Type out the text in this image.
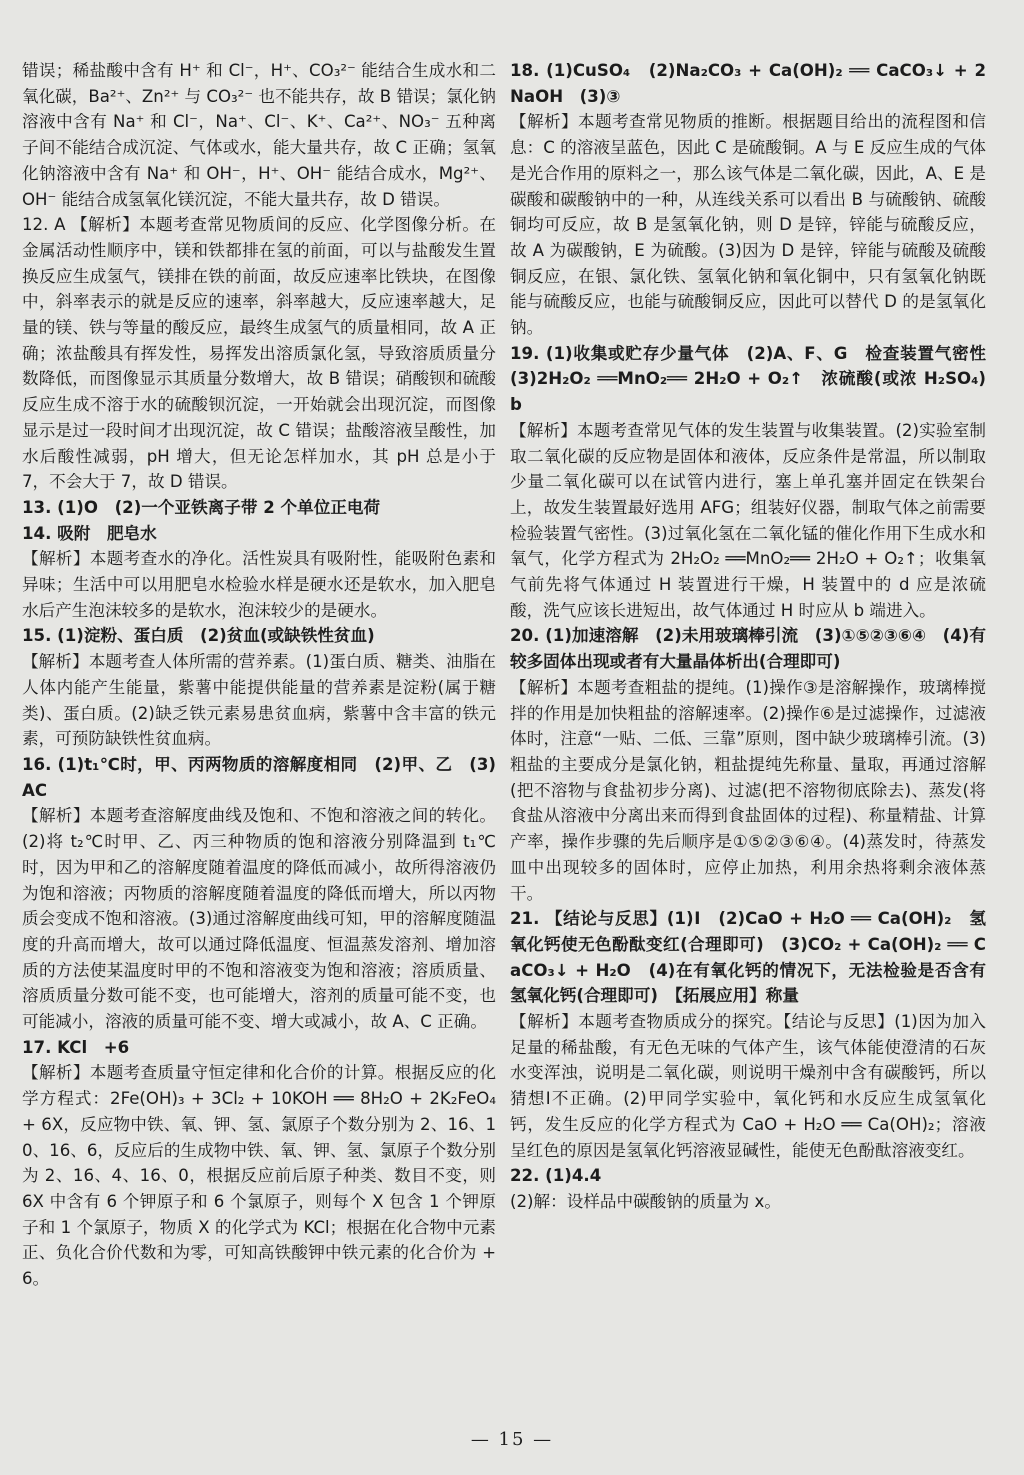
错误；稀盐酸中含有 H⁺ 和 Cl⁻，H⁺、CO₃²⁻ 能结合生成水和二氧化碳，Ba²⁺、Zn²⁺ 与 CO₃²⁻ 也不能共存，故 B 错误；氯化钠溶液中含有 Na⁺ 和 Cl⁻，Na⁺、Cl⁻、K⁺、Ca²⁺、NO₃⁻ 五种离子间不能结合成沉淀、气体或水，能大量共存，故 C 正确；氢氧化钠溶液中含有 Na⁺ 和 OH⁻，H⁺、OH⁻ 能结合成水，Mg²⁺、OH⁻ 能结合成氢氧化镁沉淀，不能大量共存，故 D 错误。

12. A 【解析】本题考查常见物质间的反应、化学图像分析。在金属活动性顺序中，镁和铁都排在氢的前面，可以与盐酸发生置换反应生成氢气，镁排在铁的前面，故反应速率比铁块，在图像中，斜率表示的就是反应的速率，斜率越大，反应速率越大，足量的镁、铁与等量的酸反应，最终生成氢气的质量相同，故 A 正确；浓盐酸具有挥发性，易挥发出溶质氯化氢，导致溶质质量分数降低，而图像显示其质量分数增大，故 B 错误；硝酸钡和硫酸反应生成不溶于水的硫酸钡沉淀，一开始就会出现沉淀，而图像显示是过一段时间才出现沉淀，故 C 错误；盐酸溶液呈酸性，加水后酸性减弱，pH 增大，但无论怎样加水，其 pH 总是小于 7，不会大于 7，故 D 错误。

13. (1)O　(2)一个亚铁离子带 2 个单位正电荷

14. 吸附　肥皂水

【解析】本题考查水的净化。活性炭具有吸附性，能吸附色素和异味；生活中可以用肥皂水检验水样是硬水还是软水，加入肥皂水后产生泡沫较多的是软水，泡沫较少的是硬水。

15. (1)淀粉、蛋白质　(2)贫血(或缺铁性贫血)

【解析】本题考查人体所需的营养素。(1)蛋白质、糖类、油脂在人体内能产生能量，紫薯中能提供能量的营养素是淀粉(属于糖类)、蛋白质。(2)缺乏铁元素易患贫血病，紫薯中含丰富的铁元素，可预防缺铁性贫血病。

16. (1)t₁℃时，甲、丙两物质的溶解度相同　(2)甲、乙　(3)AC

【解析】本题考查溶解度曲线及饱和、不饱和溶液之间的转化。(2)将 t₂℃时甲、乙、丙三种物质的饱和溶液分别降温到 t₁℃时，因为甲和乙的溶解度随着温度的降低而减小，故所得溶液仍为饱和溶液；丙物质的溶解度随着温度的降低而增大，所以丙物质会变成不饱和溶液。(3)通过溶解度曲线可知，甲的溶解度随温度的升高而增大，故可以通过降低温度、恒温蒸发溶剂、增加溶质的方法使某温度时甲的不饱和溶液变为饱和溶液；溶质质量、溶质质量分数可能不变，也可能增大，溶剂的质量可能不变，也可能减小，溶液的质量可能不变、增大或减小，故 A、C 正确。

17. KCl　+6

【解析】本题考查质量守恒定律和化合价的计算。根据反应的化学方程式：2Fe(OH)₃ + 3Cl₂ + 10KOH ══ 8H₂O + 2K₂FeO₄ + 6X，反应物中铁、氧、钾、氢、氯原子个数分别为 2、16、10、16、6，反应后的生成物中铁、氧、钾、氢、氯原子个数分别为 2、16、4、16、0，根据反应前后原子种类、数目不变，则 6X 中含有 6 个钾原子和 6 个氯原子，则每个 X 包含 1 个钾原子和 1 个氯原子，物质 X 的化学式为 KCl；根据在化合物中元素正、负化合价代数和为零，可知高铁酸钾中铁元素的化合价为 +6。

18. (1)CuSO₄　(2)Na₂CO₃ + Ca(OH)₂ ══ CaCO₃↓ + 2NaOH　(3)③

【解析】本题考查常见物质的推断。根据题目给出的流程图和信息：C 的溶液呈蓝色，因此 C 是硫酸铜。A 与 E 反应生成的气体是光合作用的原料之一，那么该气体是二氧化碳，因此，A、E 是碳酸和碳酸钠中的一种，从连线关系可以看出 B 与硫酸钠、硫酸铜均可反应，故 B 是氢氧化钠，则 D 是锌，锌能与硫酸反应，故 A 为碳酸钠，E 为硫酸。(3)因为 D 是锌，锌能与硫酸及硫酸铜反应，在银、氯化铁、氢氧化钠和氧化铜中，只有氢氧化钠既能与硫酸反应，也能与硫酸铜反应，因此可以替代 D 的是氢氧化钠。

19. (1)收集或贮存少量气体　(2)A、F、G　检查装置气密性　(3)2H₂O₂ ══MnO₂══ 2H₂O + O₂↑　浓硫酸(或浓 H₂SO₄)　b

【解析】本题考查常见气体的发生装置与收集装置。(2)实验室制取二氧化碳的反应物是固体和液体，反应条件是常温，所以制取少量二氧化碳可以在试管内进行，塞上单孔塞并固定在铁架台上，故发生装置最好选用 AFG；组装好仪器，制取气体之前需要检验装置气密性。(3)过氧化氢在二氧化锰的催化作用下生成水和氧气，化学方程式为 2H₂O₂ ══MnO₂══ 2H₂O + O₂↑；收集氧气前先将气体通过 H 装置进行干燥，H 装置中的 d 应是浓硫酸，洗气应该长进短出，故气体通过 H 时应从 b 端进入。

20. (1)加速溶解　(2)未用玻璃棒引流　(3)①⑤②③⑥④　(4)有较多固体出现或者有大量晶体析出(合理即可)

【解析】本题考查粗盐的提纯。(1)操作③是溶解操作，玻璃棒搅拌的作用是加快粗盐的溶解速率。(2)操作⑥是过滤操作，过滤液体时，注意“一贴、二低、三靠”原则，图中缺少玻璃棒引流。(3)粗盐的主要成分是氯化钠，粗盐提纯先称量、量取，再通过溶解(把不溶物与食盐初步分离)、过滤(把不溶物彻底除去)、蒸发(将食盐从溶液中分离出来而得到食盐固体的过程)、称量精盐、计算产率，操作步骤的先后顺序是①⑤②③⑥④。(4)蒸发时，待蒸发皿中出现较多的固体时，应停止加热，利用余热将剩余液体蒸干。

21. 【结论与反思】(1)Ⅰ　(2)CaO + H₂O ══ Ca(OH)₂　氢氧化钙使无色酚酞变红(合理即可)　(3)CO₂ + Ca(OH)₂ ══ CaCO₃↓ + H₂O　(4)在有氧化钙的情况下，无法检验是否含有氢氧化钙(合理即可)　【拓展应用】称量

【解析】本题考查物质成分的探究。【结论与反思】(1)因为加入足量的稀盐酸，有无色无味的气体产生，该气体能使澄清的石灰水变浑浊，说明是二氧化碳，则说明干燥剂中含有碳酸钙，所以猜想Ⅰ不正确。(2)甲同学实验中，氧化钙和水反应生成氢氧化钙，发生反应的化学方程式为 CaO + H₂O ══ Ca(OH)₂；溶液呈红色的原因是氢氧化钙溶液显碱性，能使无色酚酞溶液变红。

22. (1)4.4

(2)解：设样品中碳酸钠的质量为 x。

— 15 —
